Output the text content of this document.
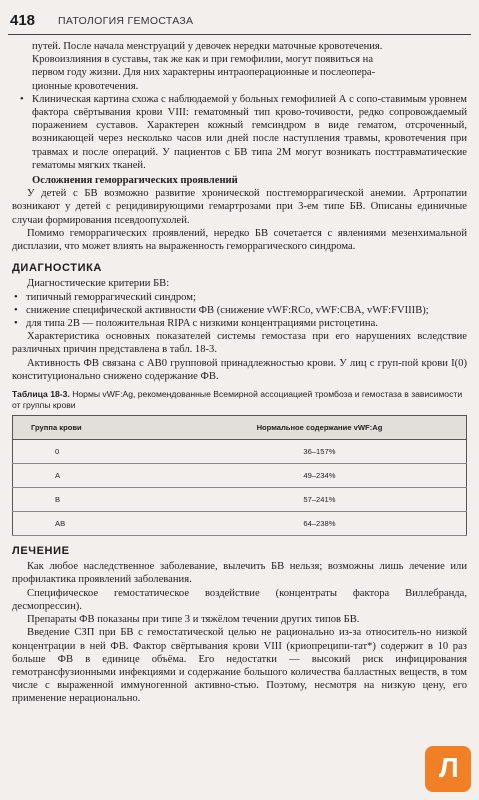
418 ПАТОЛОГИЯ ГЕМОСТАЗА

путей. После начала менструаций у девочек нередки маточные кровотечения.

Кровоизлияния в суставы, так же как и при гемофилии, могут появиться на

первом году жизни. Для них характерны интраоперационные и послеопера-

ционные кровотечения.

• Клиническая картина схожа с наблюдаемой у больных гемофилией А с сопо-ставимым уровнем фактора свёртывания крови VIII: гематомный тип крово-точивости, редко сопровождаемый поражением суставов. Характерен кожный гемсиндром в виде гематом, отсроченный, возникающей через несколько часов или дней после наступления травмы, кровотечения при травмах и после операций. У пациентов с БВ типа 2М могут возникать посттравматические гематомы мягких тканей.

Осложнения геморрагических проявлений

У детей с БВ возможно развитие хронической постгеморрагической анемии. Артропатии возникают у детей с рецидивирующими гемартрозами при 3-ем типе БВ. Описаны единичные случаи формирования псевдоопухолей.

Помимо геморрагических проявлений, нередко БВ сочетается с явлениями мезенхимальной дисплазии, что может влиять на выраженность геморрагического синдрома.

ДИАГНОСТИКА

Диагностические критерии БВ:

• типичный геморрагический синдром;

• снижение специфической активности ФВ (снижение vWF:RCo, vWF:CBA, vWF:FVIIIB);

• для типа 2В — положительная RIPA с низкими концентрациями ристоцетина.

Характеристика основных показателей системы гемостаза при его нарушениях вследствие различных причин представлена в табл. 18-3.

Активность ФВ связана с АВ0 групповой принадлежностью крови. У лиц с груп-пой крови I(0) конституционально снижено содержание ФВ.

Таблица 18-3. Нормы vWF:Ag, рекомендованные Всемирной ассоциацией тромбоза и гемостаза в зависимости от группы крови

Группа крови	Нормальное содержание vWF:Ag
0	36–157%
A	49–234%
B	57–241%
AB	64–238%

ЛЕЧЕНИЕ

Как любое наследственное заболевание, вылечить БВ нельзя; возможны лишь лечение или профилактика проявлений заболевания.

Специфическое гемостатическое воздействие (концентраты фактора Виллебранда, десмопрессин).

Препараты ФВ показаны при типе 3 и тяжёлом течении других типов БВ.

Введение СЗП при БВ с гемостатической целью не рационально из-за относитель-но низкой концентрации в ней ФВ. Фактор свёртывания крови VIII (криопреципи-тат*) содержит в 10 раз больше ФВ в единице объёма. Его недостатки — высокий риск инфицирования гемотрансфузионными инфекциями и содержание большого количества балластных веществ, в том числе с выраженной иммуногенной активно-стью. Поэтому, несмотря на низкую цену, его применение нерационально.

Л
